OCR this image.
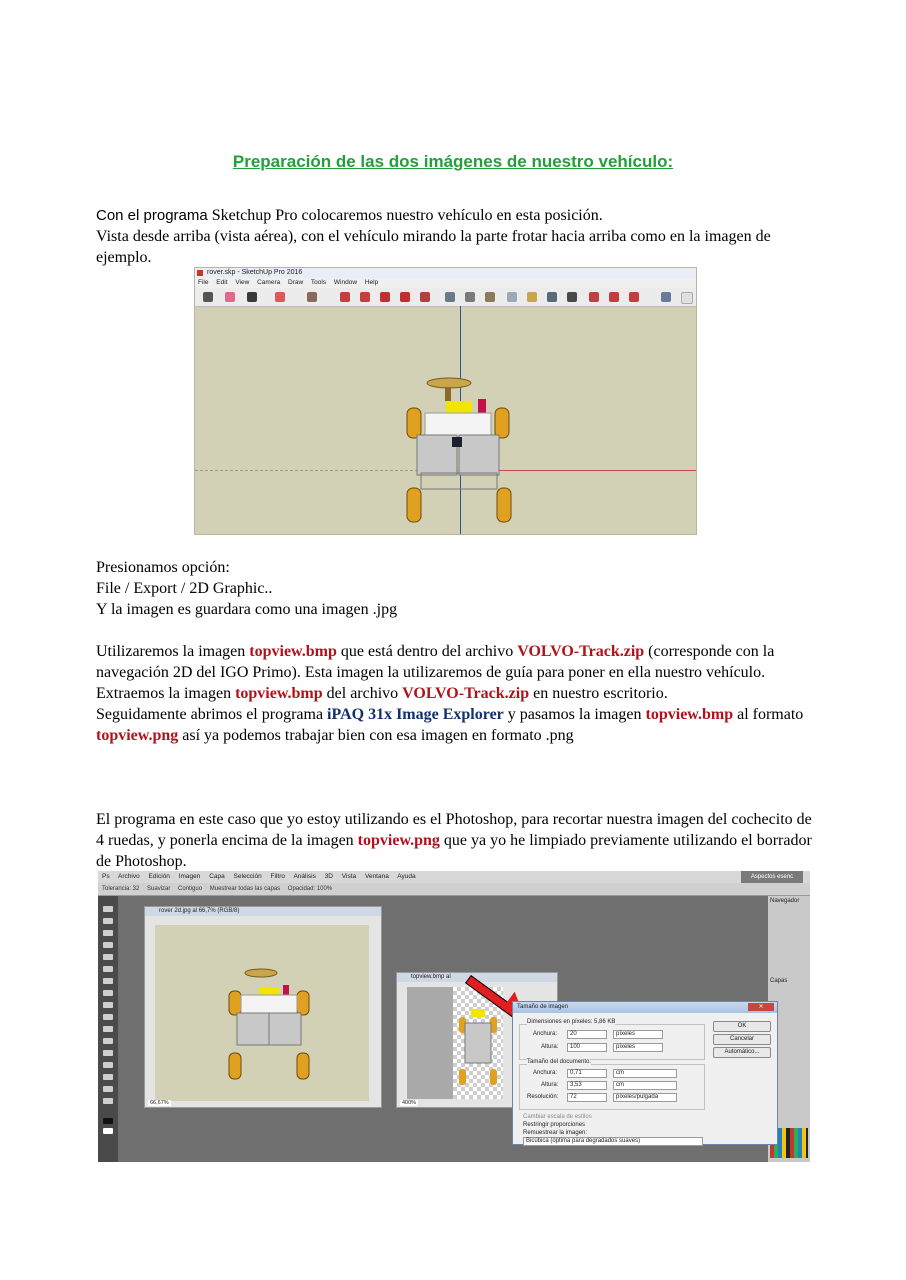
Preparación de las dos imágenes de nuestro vehículo:
Con el programa Sketchup Pro colocaremos nuestro vehículo en esta posición.
Vista desde arriba (vista aérea), con el vehículo mirando la parte frotar hacia arriba como en la imagen de ejemplo.
rover.skp - SketchUp Pro 2016
File Edit View Camera Draw Tools Window Help
Presionamos opción:
File / Export / 2D Graphic..
Y la imagen es guardara como una imagen .jpg
Utilizaremos la imagen topview.bmp que está dentro del archivo VOLVO-Track.zip (corresponde con la navegación 2D del IGO Primo). Esta imagen la utilizaremos de guía para poner en ella nuestro vehículo.
Extraemos la imagen topview.bmp del archivo VOLVO-Track.zip en nuestro escritorio.
Seguidamente abrimos el programa iPAQ 31x Image Explorer y pasamos la imagen topview.bmp al formato topview.png así ya podemos trabajar bien con esa imagen en formato .png
El programa en este caso que yo estoy utilizando es el Photoshop, para recortar nuestra imagen del cochecito de 4 ruedas, y ponerla encima de la imagen topview.png que ya yo he limpiado previamente utilizando el borrador de Photoshop.
Ps Archivo Edición Imagen Capa Selección Filtro Análisis 3D Vista Ventana Ayuda	Aspectos esenc
Tolerancia: 32 Suavizar Contiguo Muestrear todas las capas Opacidad: 100%
Navegador
Capas
rover 2d.jpg al 66,7% (RGB/8)
66,67%
topview.bmp al
400%
Tamaño de imagen	✕
Dimensiones en píxeles: 5,86 KB
Anchura:	20	píxeles
Altura:	100	píxeles
Tamaño del documento:
Anchura:	0,71	cm
Altura:	3,53	cm
Resolución:	72	píxeles/pulgada
Cambiar escala de estilos
Restringir proporciones
Remuestrear la imagen:
Bicúbica (óptima para degradados suaves)
OK
Cancelar
Automático...
